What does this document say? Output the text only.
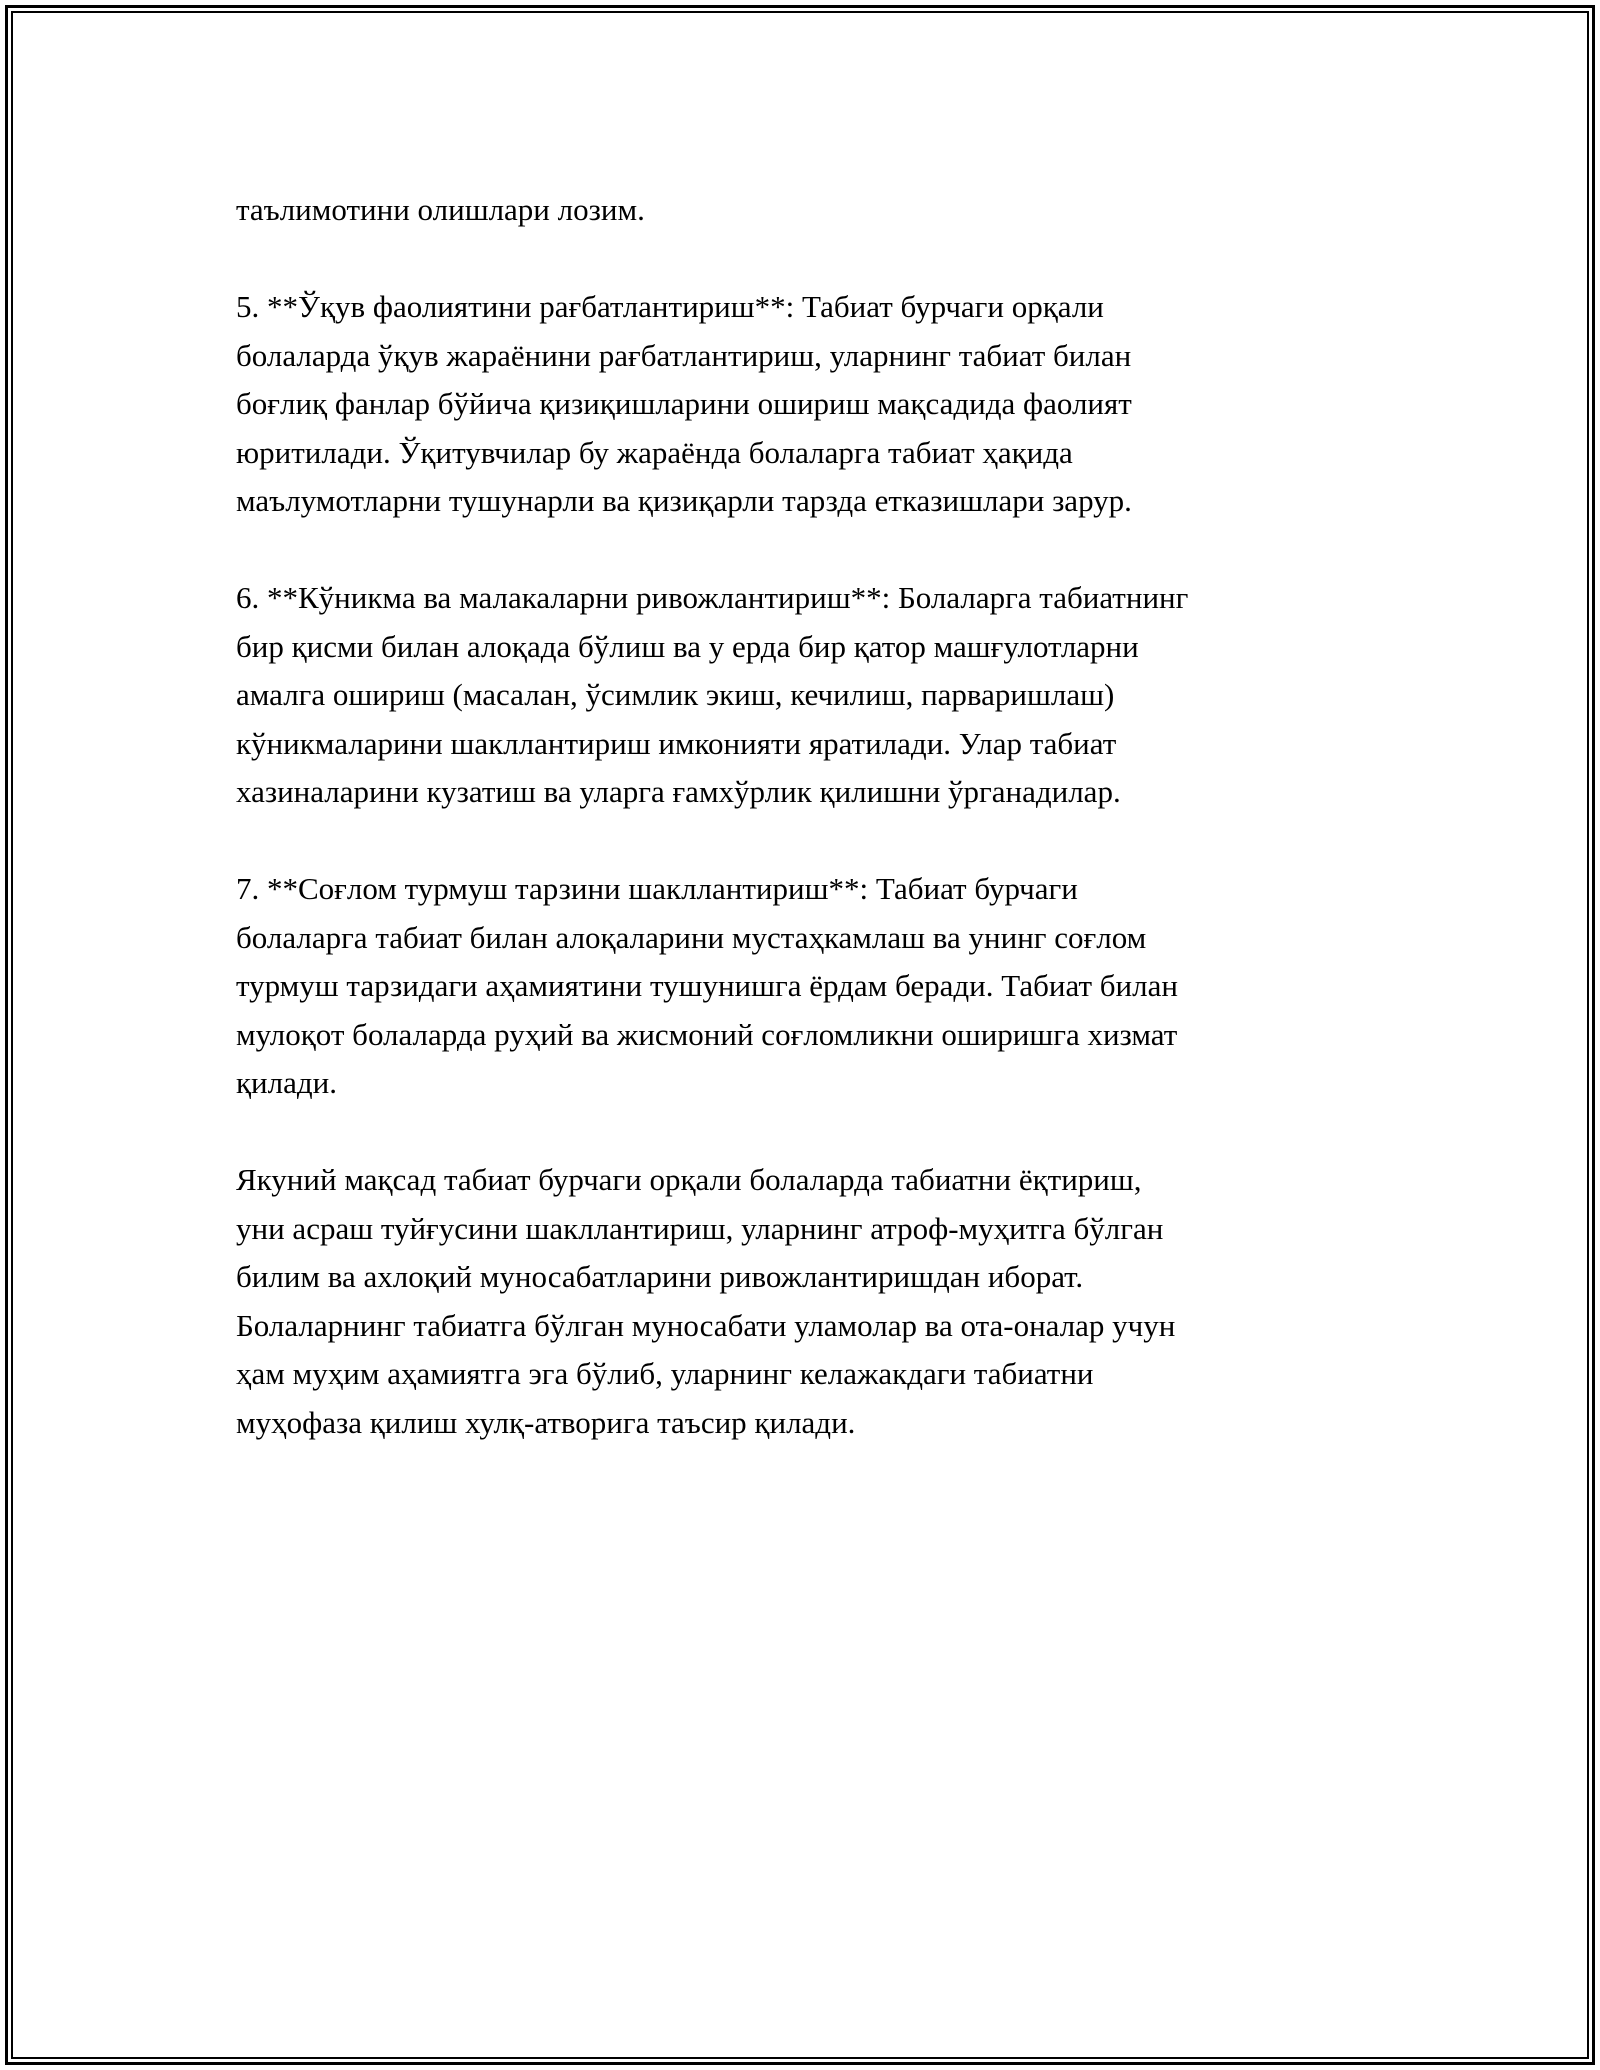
таълимотини олишлари лозим.

5. **Ўқув фаолиятини рағбатлантириш**: Табиат бурчаги орқали
болаларда ўқув жараёнини рағбатлантириш, уларнинг табиат билан
боғлиқ фанлар бўйича қизиқишларини ошириш мақсадида фаолият
юритилади. Ўқитувчилар бу жараёнда болаларга табиат ҳақида
маълумотларни тушунарли ва қизиқарли тарзда етказишлари зарур.

6. **Кўникма ва малакаларни ривожлантириш**: Болаларга табиатнинг
бир қисми билан алоқада бўлиш ва у ерда бир қатор машғулотларни
амалга ошириш (масалан, ўсимлик экиш, кечилиш, парваришлаш)
кўникмаларини шакллантириш имконияти яратилади. Улар табиат
хазиналарини кузатиш ва уларга ғамхўрлик қилишни ўрганадилар.

7. **Соғлом турмуш тарзини шакллантириш**: Табиат бурчаги
болаларга табиат билан алоқаларини мустаҳкамлаш ва унинг соғлом
турмуш тарзидаги аҳамиятини тушунишга ёрдам беради. Табиат билан
мулоқот болаларда руҳий ва жисмоний соғломликни оширишга хизмат
қилади.

Якуний мақсад табиат бурчаги орқали болаларда табиатни ёқтириш,
уни асраш туйғусини шакллантириш, уларнинг атроф-муҳитга бўлган
билим ва ахлоқий муносабатларини ривожлантиришдан иборат.
Болаларнинг табиатга бўлган муносабати уламолар ва ота-оналар учун
ҳам муҳим аҳамиятга эга бўлиб, уларнинг келажакдаги табиатни
муҳофаза қилиш хулқ-атворига таъсир қилади.
